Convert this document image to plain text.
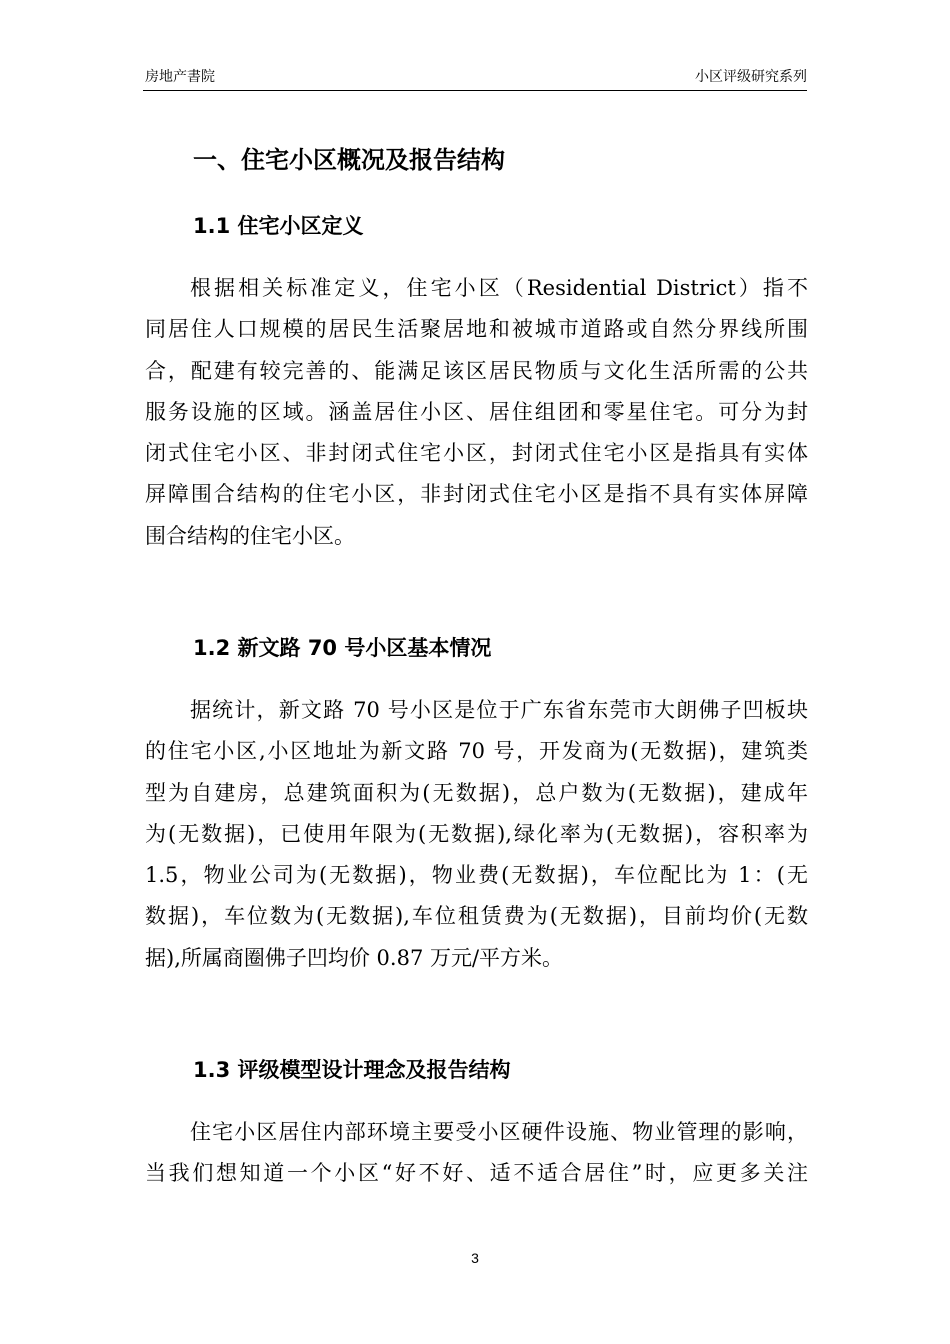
房地产書院	小区评级研究系列
一、住宅小区概况及报告结构
1.1 住宅小区定义
根据相关标准定义，住宅小区（Residential District）指不
同居住人口规模的居民生活聚居地和被城市道路或自然分界线所围
合，配建有较完善的、能满足该区居民物质与文化生活所需的公共
服务设施的区域。涵盖居住小区、居住组团和零星住宅。可分为封
闭式住宅小区、非封闭式住宅小区，封闭式住宅小区是指具有实体
屏障围合结构的住宅小区，非封闭式住宅小区是指不具有实体屏障
围合结构的住宅小区。
1.2 新文路 70 号小区基本情况
据统计，新文路 70 号小区是位于广东省东莞市大朗佛子凹板块
的住宅小区,小区地址为新文路 70 号，开发商为(无数据)，建筑类
型为自建房，总建筑面积为(无数据)，总户数为(无数据)，建成年
为(无数据)，已使用年限为(无数据),绿化率为(无数据)，容积率为
1.5，物业公司为(无数据)，物业费(无数据)，车位配比为 1：(无
数据)，车位数为(无数据),车位租赁费为(无数据)，目前均价(无数
据),所属商圈佛子凹均价 0.87 万元/平方米。
1.3 评级模型设计理念及报告结构
住宅小区居住内部环境主要受小区硬件设施、物业管理的影响，
当我们想知道一个小区“好不好、适不适合居住”时，应更多关注
3
